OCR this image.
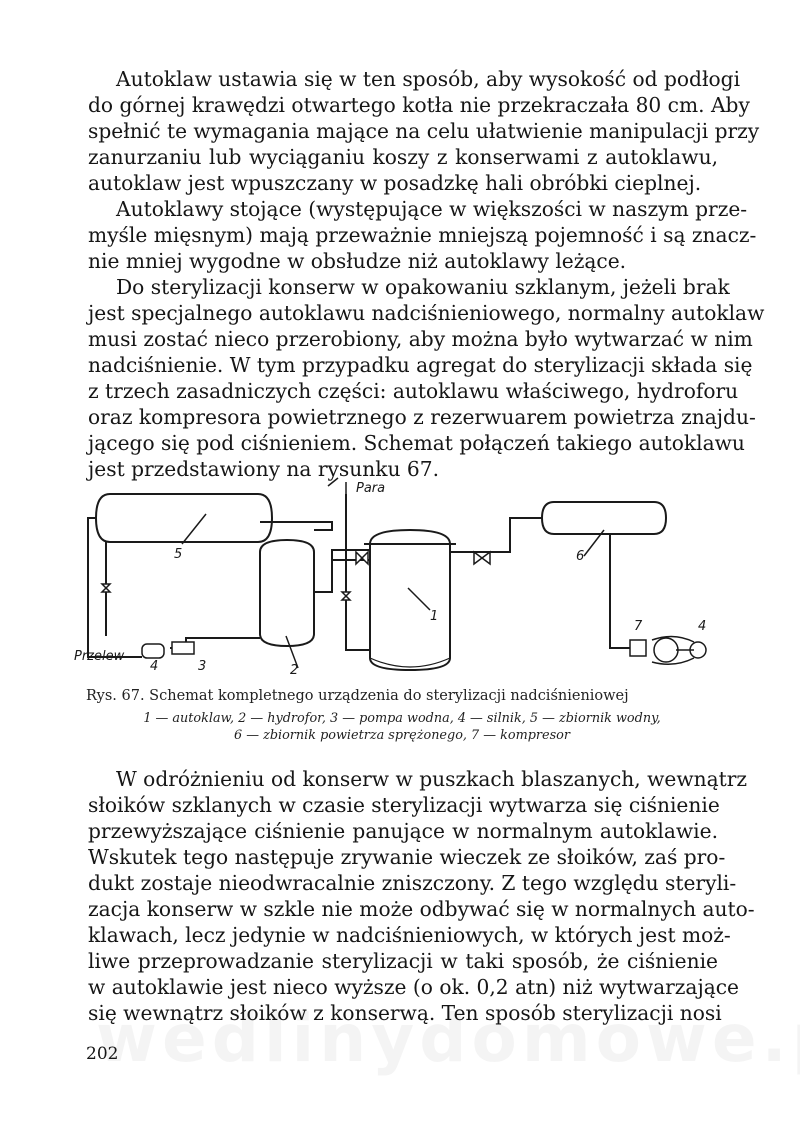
Autoklaw ustawia się w ten sposób, aby wysokość od podłogi
do górnej krawędzi otwartego kotła nie przekraczała 80 cm. Aby
spełnić te wymagania mające na celu ułatwienie manipulacji przy
zanurzaniu lub wyciąganiu koszy z konserwami z autoklawu,
autoklaw jest wpuszczany w posadzkę hali obróbki cieplnej.

Autoklawy stojące (występujące w większości w naszym prze-
myśle mięsnym) mają przeważnie mniejszą pojemność i są znacz-
nie mniej wygodne w obsłudze niż autoklawy leżące.

Do sterylizacji konserw w opakowaniu szklanym, jeżeli brak
jest specjalnego autoklawu nadciśnieniowego, normalny autoklaw
musi zostać nieco przerobiony, aby można było wytwarzać w nim
nadciśnienie. W tym przypadku agregat do sterylizacji składa się
z trzech zasadniczych części: autoklawu właściwego, hydroforu
oraz kompresora powietrznego z rezerwuarem powietrza znajdu-
jącego się pod ciśnieniem. Schemat połączeń takiego autoklawu
jest przedstawiony na rysunku 67.

Para
Przelew
1
2
3
4
5	6
7	4

Rys. 67. Schemat kompletnego urządzenia do sterylizacji nadciśnieniowej

1 — autoklaw, 2 — hydrofor, 3 — pompa wodna, 4 — silnik, 5 — zbiornik wodny,
6 — zbiornik powietrza sprężonego, 7 — kompresor

W odróżnieniu od konserw w puszkach blaszanych, wewnątrz
słoików szklanych w czasie sterylizacji wytwarza się ciśnienie
przewyższające ciśnienie panujące w normalnym autoklawie.
Wskutek tego następuje zrywanie wieczek ze słoików, zaś pro-
dukt zostaje nieodwracalnie zniszczony. Z tego względu steryli-
zacja konserw w szkle nie może odbywać się w normalnych auto-
klawach, lecz jedynie w nadciśnieniowych, w których jest moż-
liwe przeprowadzanie sterylizacji w taki sposób, że ciśnienie
w autoklawie jest nieco wyższe (o ok. 0,2 atn) niż wytwarzające
się wewnątrz słoików z konserwą. Ten sposób sterylizacji nosi

202
